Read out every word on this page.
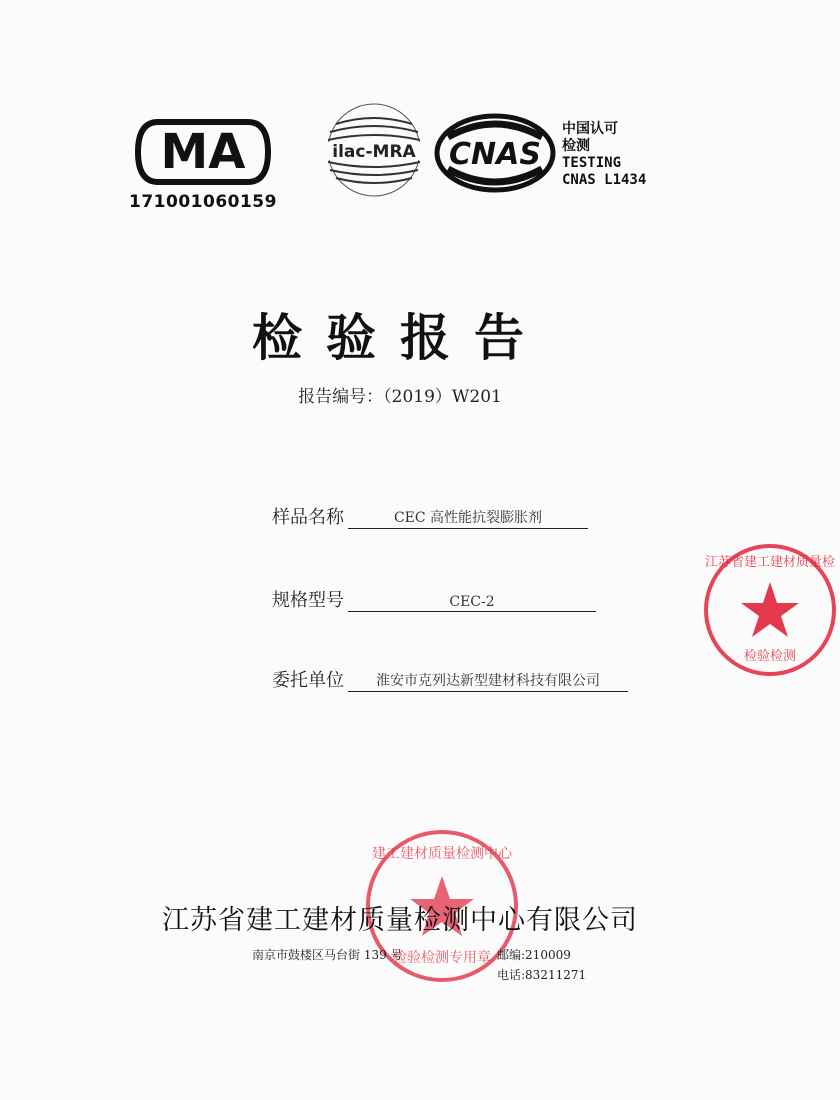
MA
171001060159
ilac-MRA CNAS
中国认可
检测
TESTING
CNAS L1434
检验报告
报告编号：（2019）W201
样品名称	CEC 高性能抗裂膨胀剂
规格型号	CEC-2
委托单位	淮安市克列达新型建材科技有限公司
江苏省建工建材质量检
检验检测
建工建材质量检测中心
检验检测专用章
江苏省建工建材质量检测中心有限公司
南京市鼓楼区马台街 139 号	邮编:210009
电话:83211271
